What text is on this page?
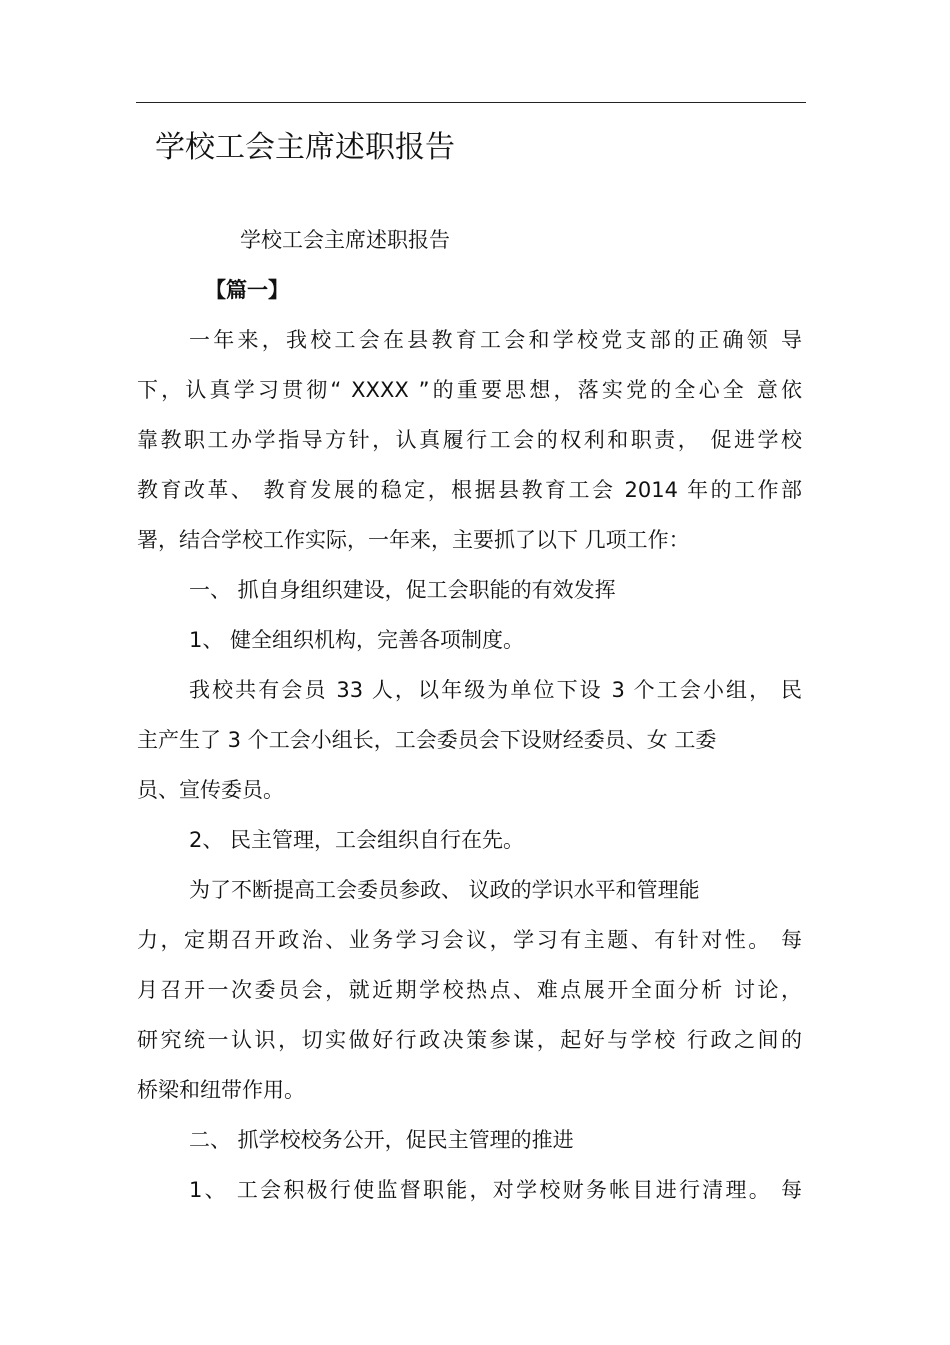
学校工会主席述职报告
学校工会主席述职报告
【篇一】
一年来，我校工会在县教育工会和学校党支部的正确领 导
下，认真学习贯彻“ XXXX ”的重要思想，落实党的全心全 意依
靠教职工办学指导方针，认真履行工会的权利和职责， 促进学校
教育改革、 教育发展的稳定，根据县教育工会 2014 年的工作部
署，结合学校工作实际，一年来，主要抓了以下 几项工作：
一、 抓自身组织建设，促工会职能的有效发挥
1、 健全组织机构，完善各项制度。
我校共有会员 33 人，以年级为单位下设 3 个工会小组， 民
主产生了 3 个工会小组长，工会委员会下设财经委员、女 工委
员、宣传委员。
2、 民主管理，工会组织自行在先。
为了不断提高工会委员参政、 议政的学识水平和管理能
力，定期召开政治、业务学习会议，学习有主题、有针对性。 每
月召开一次委员会，就近期学校热点、难点展开全面分析 讨论，
研究统一认识，切实做好行政决策参谋，起好与学校 行政之间的
桥梁和纽带作用。
二、 抓学校校务公开，促民主管理的推进
1、 工会积极行使监督职能，对学校财务帐目进行清理。 每
